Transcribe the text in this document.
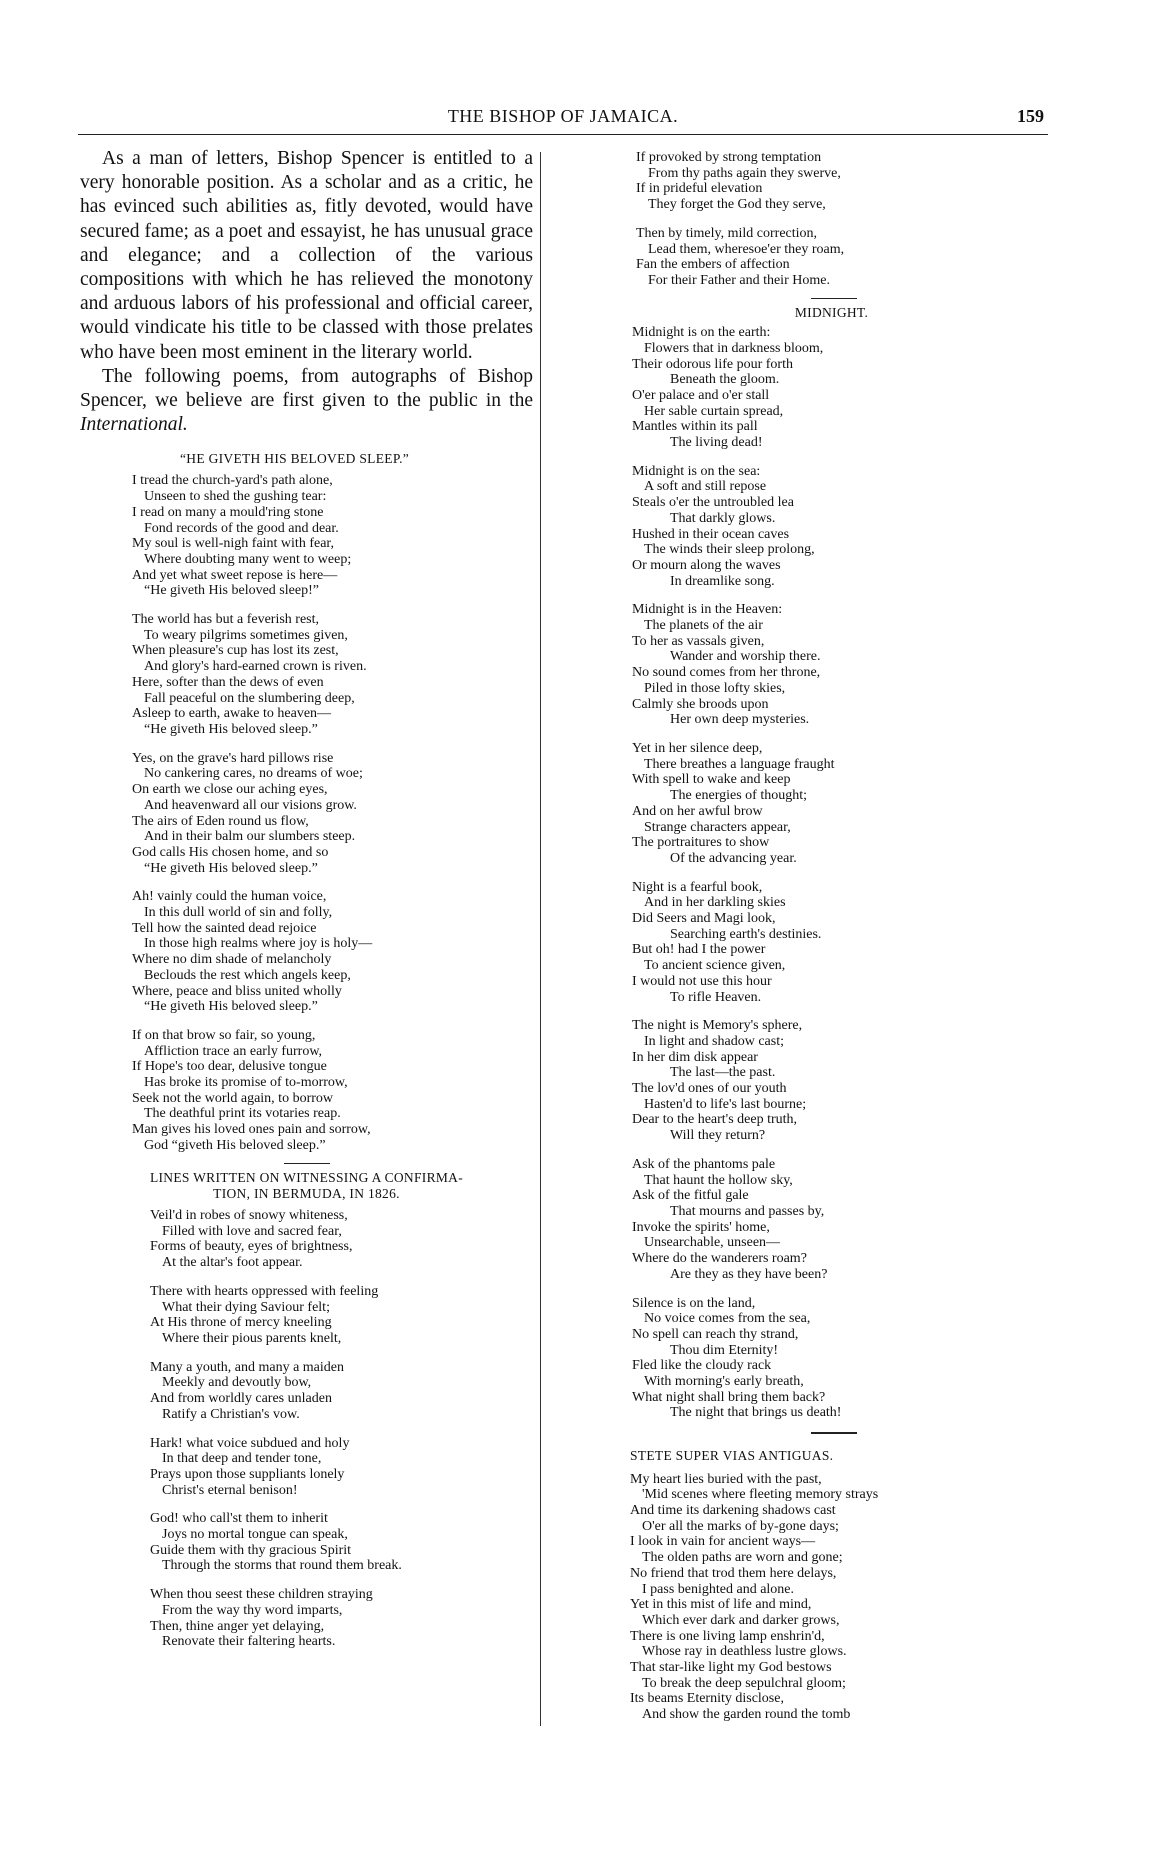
THE BISHOP OF JAMAICA.	159

As a man of letters, Bishop Spencer is entitled to a very honorable position. As a scholar and as a critic, he has evinced such abilities as, fitly devoted, would have secured fame; as a poet and essayist, he has unusual grace and elegance; and a collection of the various compositions with which he has relieved the monotony and arduous labors of his professional and official career, would vindicate his title to be classed with those prelates who have been most eminent in the literary world.

The following poems, from autographs of Bishop Spencer, we believe are first given to the public in the International.

“HE GIVETH HIS BELOVED SLEEP.”

I tread the church-yard's path alone,
Unseen to shed the gushing tear:
I read on many a mould'ring stone
Fond records of the good and dear.
My soul is well-nigh faint with fear,
Where doubting many went to weep;
And yet what sweet repose is here—
“He giveth His beloved sleep!”
The world has but a feverish rest,
To weary pilgrims sometimes given,
When pleasure's cup has lost its zest,
And glory's hard-earned crown is riven.
Here, softer than the dews of even
Fall peaceful on the slumbering deep,
Asleep to earth, awake to heaven—
“He giveth His beloved sleep.”
Yes, on the grave's hard pillows rise
No cankering cares, no dreams of woe;
On earth we close our aching eyes,
And heavenward all our visions grow.
The airs of Eden round us flow,
And in their balm our slumbers steep.
God calls His chosen home, and so
“He giveth His beloved sleep.”
Ah! vainly could the human voice,
In this dull world of sin and folly,
Tell how the sainted dead rejoice
In those high realms where joy is holy—
Where no dim shade of melancholy
Beclouds the rest which angels keep,
Where, peace and bliss united wholly
“He giveth His beloved sleep.”
If on that brow so fair, so young,
Affliction trace an early furrow,
If Hope's too dear, delusive tongue
Has broke its promise of to-morrow,
Seek not the world again, to borrow
The deathful print its votaries reap.
Man gives his loved ones pain and sorrow,
God “giveth His beloved sleep.”

LINES WRITTEN ON WITNESSING A CONFIRMA-

TION, IN BERMUDA, IN 1826.

Veil'd in robes of snowy whiteness,
Filled with love and sacred fear,
Forms of beauty, eyes of brightness,
At the altar's foot appear.
There with hearts oppressed with feeling
What their dying Saviour felt;
At His throne of mercy kneeling
Where their pious parents knelt,
Many a youth, and many a maiden
Meekly and devoutly bow,
And from worldly cares unladen
Ratify a Christian's vow.
Hark! what voice subdued and holy
In that deep and tender tone,
Prays upon those suppliants lonely
Christ's eternal benison!
God! who call'st them to inherit
Joys no mortal tongue can speak,
Guide them with thy gracious Spirit
Through the storms that round them break.
When thou seest these children straying
From the way thy word imparts,
Then, thine anger yet delaying,
Renovate their faltering hearts.
If provoked by strong temptation
From thy paths again they swerve,
If in prideful elevation
They forget the God they serve,
Then by timely, mild correction,
Lead them, wheresoe'er they roam,
Fan the embers of affection
For their Father and their Home.

MIDNIGHT.

Midnight is on the earth:
Flowers that in darkness bloom,
Their odorous life pour forth
Beneath the gloom.
O'er palace and o'er stall
Her sable curtain spread,
Mantles within its pall
The living dead!
Midnight is on the sea:
A soft and still repose
Steals o'er the untroubled lea
That darkly glows.
Hushed in their ocean caves
The winds their sleep prolong,
Or mourn along the waves
In dreamlike song.
Midnight is in the Heaven:
The planets of the air
To her as vassals given,
Wander and worship there.
No sound comes from her throne,
Piled in those lofty skies,
Calmly she broods upon
Her own deep mysteries.
Yet in her silence deep,
There breathes a language fraught
With spell to wake and keep
The energies of thought;
And on her awful brow
Strange characters appear,
The portraitures to show
Of the advancing year.
Night is a fearful book,
And in her darkling skies
Did Seers and Magi look,
Searching earth's destinies.
But oh! had I the power
To ancient science given,
I would not use this hour
To rifle Heaven.
The night is Memory's sphere,
In light and shadow cast;
In her dim disk appear
The last—the past.
The lov'd ones of our youth
Hasten'd to life's last bourne;
Dear to the heart's deep truth,
Will they return?
Ask of the phantoms pale
That haunt the hollow sky,
Ask of the fitful gale
That mourns and passes by,
Invoke the spirits' home,
Unsearchable, unseen—
Where do the wanderers roam?
Are they as they have been?
Silence is on the land,
No voice comes from the sea,
No spell can reach thy strand,
Thou dim Eternity!
Fled like the cloudy rack
With morning's early breath,
What night shall bring them back?
The night that brings us death!

STETE SUPER VIAS ANTIGUAS.

My heart lies buried with the past,
'Mid scenes where fleeting memory strays
And time its darkening shadows cast
O'er all the marks of by-gone days;
I look in vain for ancient ways—
The olden paths are worn and gone;
No friend that trod them here delays,
I pass benighted and alone.
Yet in this mist of life and mind,
Which ever dark and darker grows,
There is one living lamp enshrin'd,
Whose ray in deathless lustre glows.
That star-like light my God bestows
To break the deep sepulchral gloom;
Its beams Eternity disclose,
And show the garden round the tomb
